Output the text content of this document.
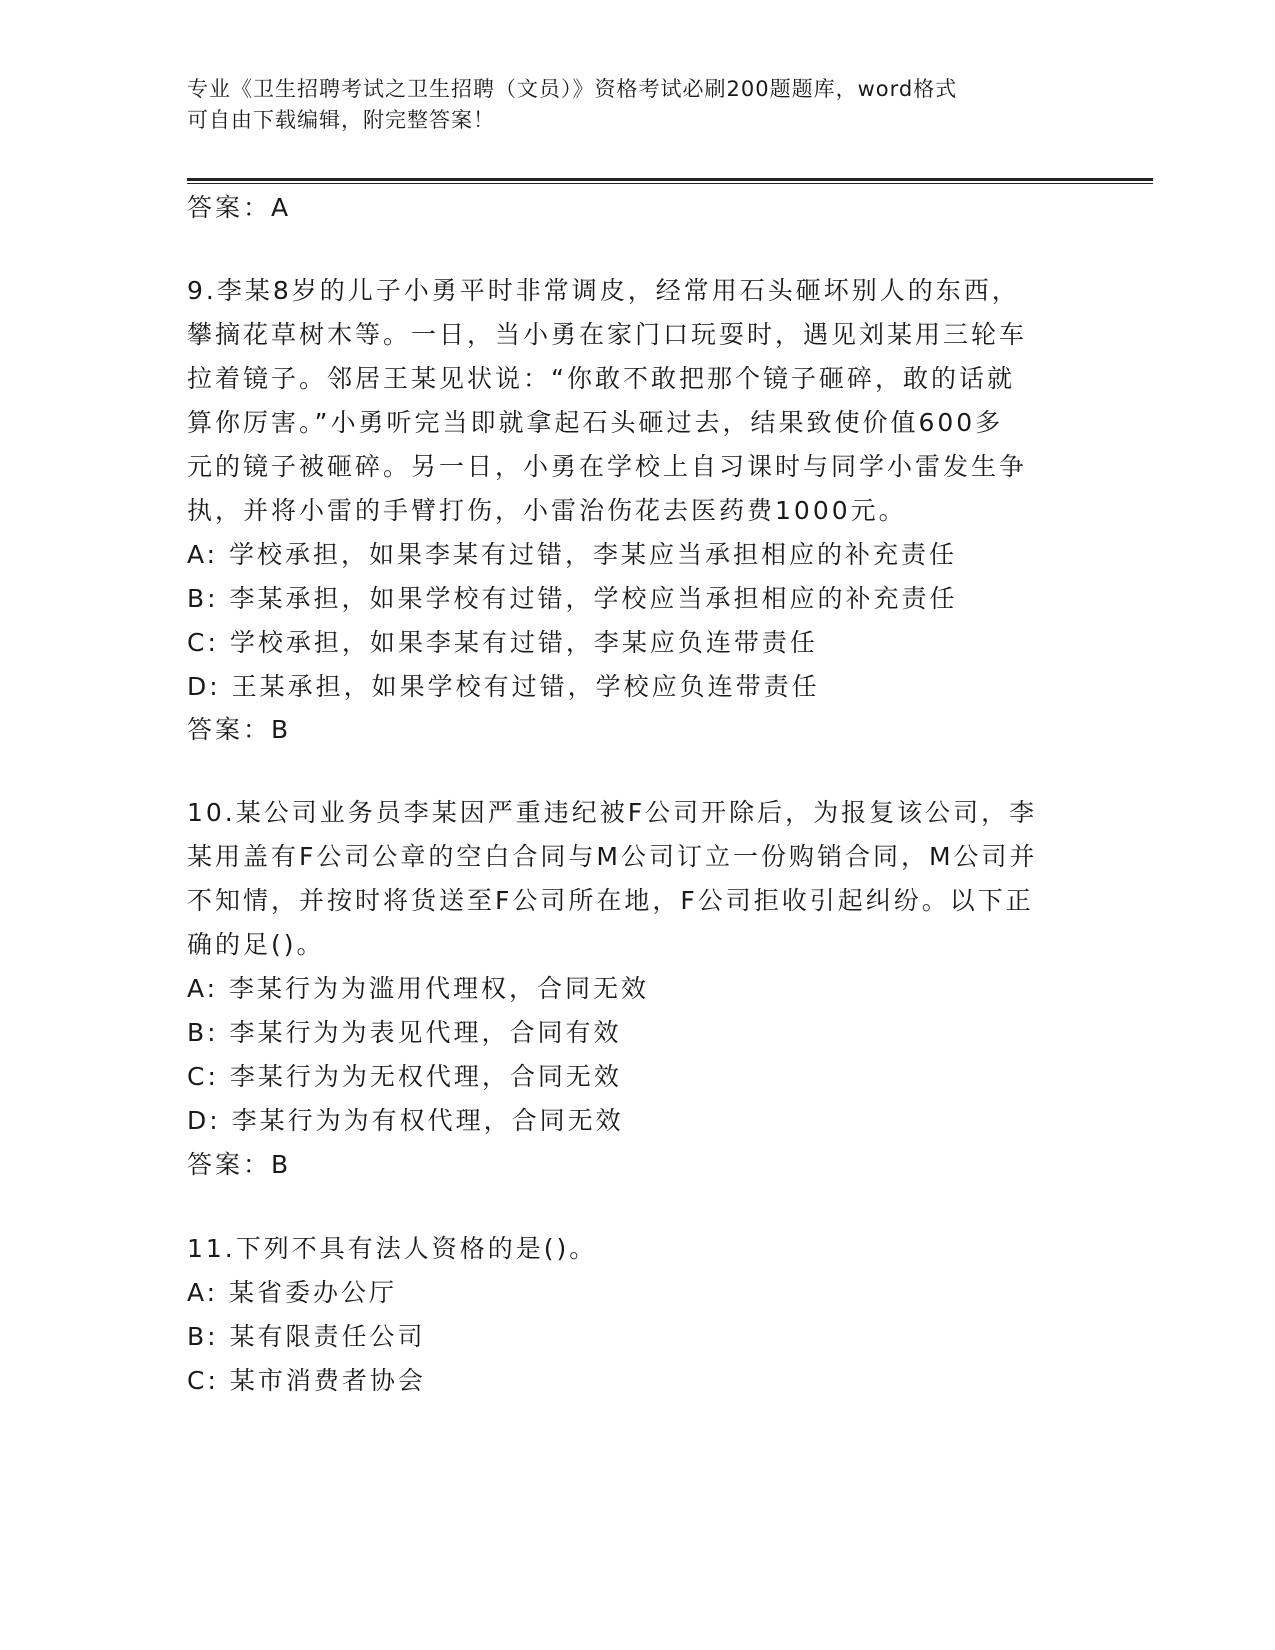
专业《卫生招聘考试之卫生招聘（文员）》资格考试必刷200题题库，word格式
可自由下载编辑，附完整答案！
答案：A
9.李某8岁的儿子小勇平时非常调皮，经常用石头砸坏别人的东西，
攀摘花草树木等。一日，当小勇在家门口玩耍时，遇见刘某用三轮车
拉着镜子。邻居王某见状说：“你敢不敢把那个镜子砸碎，敢的话就
算你厉害。”小勇听完当即就拿起石头砸过去，结果致使价值600多
元的镜子被砸碎。另一日，小勇在学校上自习课时与同学小雷发生争
执，并将小雷的手臂打伤，小雷治伤花去医药费1000元。
A: 学校承担，如果李某有过错，李某应当承担相应的补充责任
B: 李某承担，如果学校有过错，学校应当承担相应的补充责任
C: 学校承担，如果李某有过错，李某应负连带责任
D: 王某承担，如果学校有过错，学校应负连带责任
答案：B
10.某公司业务员李某因严重违纪被F公司开除后，为报复该公司，李
某用盖有F公司公章的空白合同与M公司订立一份购销合同，M公司并
不知情，并按时将货送至F公司所在地，F公司拒收引起纠纷。以下正
确的足()。
A: 李某行为为滥用代理权，合同无效
B: 李某行为为表见代理，合同有效
C: 李某行为为无权代理，合同无效
D: 李某行为为有权代理，合同无效
答案：B
11.下列不具有法人资格的是()。
A: 某省委办公厅
B: 某有限责任公司
C: 某市消费者协会
